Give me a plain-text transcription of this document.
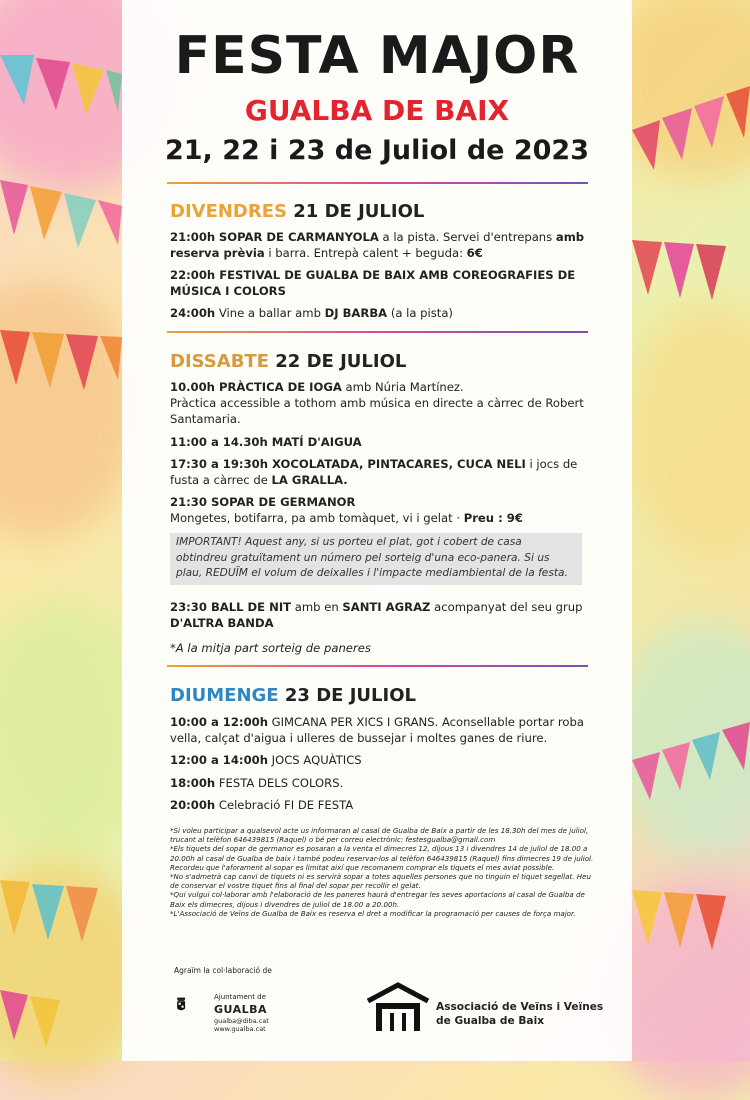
FESTA MAJOR
GUALBA DE BAIX
21, 22 i 23 de Juliol de 2023
DIVENDRES 21 DE JULIOL
21:00h SOPAR DE CARMANYOLA a la pista. Servei d'entrepans amb reserva prèvia i barra. Entrepà calent + beguda: 6€
22:00h FESTIVAL DE GUALBA DE BAIX AMB COREOGRAFIES DE MÚSICA I COLORS
24:00h Vine a ballar amb DJ BARBA (a la pista)
DISSABTE 22 DE JULIOL
10.00h PRÀCTICA DE IOGA amb Núria Martínez.
Pràctica accessible a tothom amb música en directe a càrrec de Robert Santamaria.
11:00 a 14.30h MATÍ D'AIGUA
17:30 a 19:30h XOCOLATADA, PINTACARES, CUCA NELI i jocs de fusta a càrrec de LA GRALLA.
21:30 SOPAR DE GERMANOR
Mongetes, botifarra, pa amb tomàquet, vi i gelat · Preu : 9€
IMPORTANT! Aquest any, si us porteu el plat, got i cobert de casa obtindreu gratuïtament un número pel sorteig d'una eco-panera. Si us plau, REDUÏM el volum de deixalles i l'impacte mediambiental de la festa.
23:30 BALL DE NIT amb en SANTI AGRAZ acompanyat del seu grup
D'ALTRA BANDA
*A la mitja part sorteig de paneres
DIUMENGE 23 DE JULIOL
10:00 a 12:00h GIMCANA PER XICS I GRANS. Aconsellable portar roba vella, calçat d'aigua i ulleres de bussejar i moltes ganes de riure.
12:00 a 14:00h JOCS AQUÀTICS
18:00h FESTA DELS COLORS.
20:00h Celebració FI DE FESTA
*Si voleu participar a qualsevol acte us informaran al casal de Gualba de Baix a partir de les 18.30h del mes de juliol, trucant al telèfon 646439815 (Raquel) o bé per correu electrònic: festesgualba@gmail.com
*Els tiquets del sopar de germanor es posaran a la venta el dimecres 12, dijous 13 i divendres 14 de juliol de 18.00 a 20.00h al casal de Gualba de baix i també podeu reservar-los al telèfon 646439815 (Raquel) fins dimecres 19 de juliol. Recordeu que l'aforament al sopar es limitat així que recomanem comprar els tiquets el mes aviat possible.
*No s'admetrà cap canvi de tiquets ni es servirà sopar a totes aquelles persones que no tinguin el tiquet segellat. Heu de conservar el vostre tiquet fins al final del sopar per recollir el gelat.
*Qui vulgui col·laborar amb l'elaboració de les paneres haurà d'entregar les seves aportacions al casal de Gualba de Baix els dimecres, dijous i divendres de juliol de 18.00 a 20.00h.
*L'Associació de Veïns de Gualba de Baix es reserva el dret a modificar la programació per causes de força major.
Agraïm la col·laboració de
Ajuntament de
GUALBA
gualba@diba.cat
www.gualba.cat
Associació de Veïns i Veïnes
de Gualba de Baix
